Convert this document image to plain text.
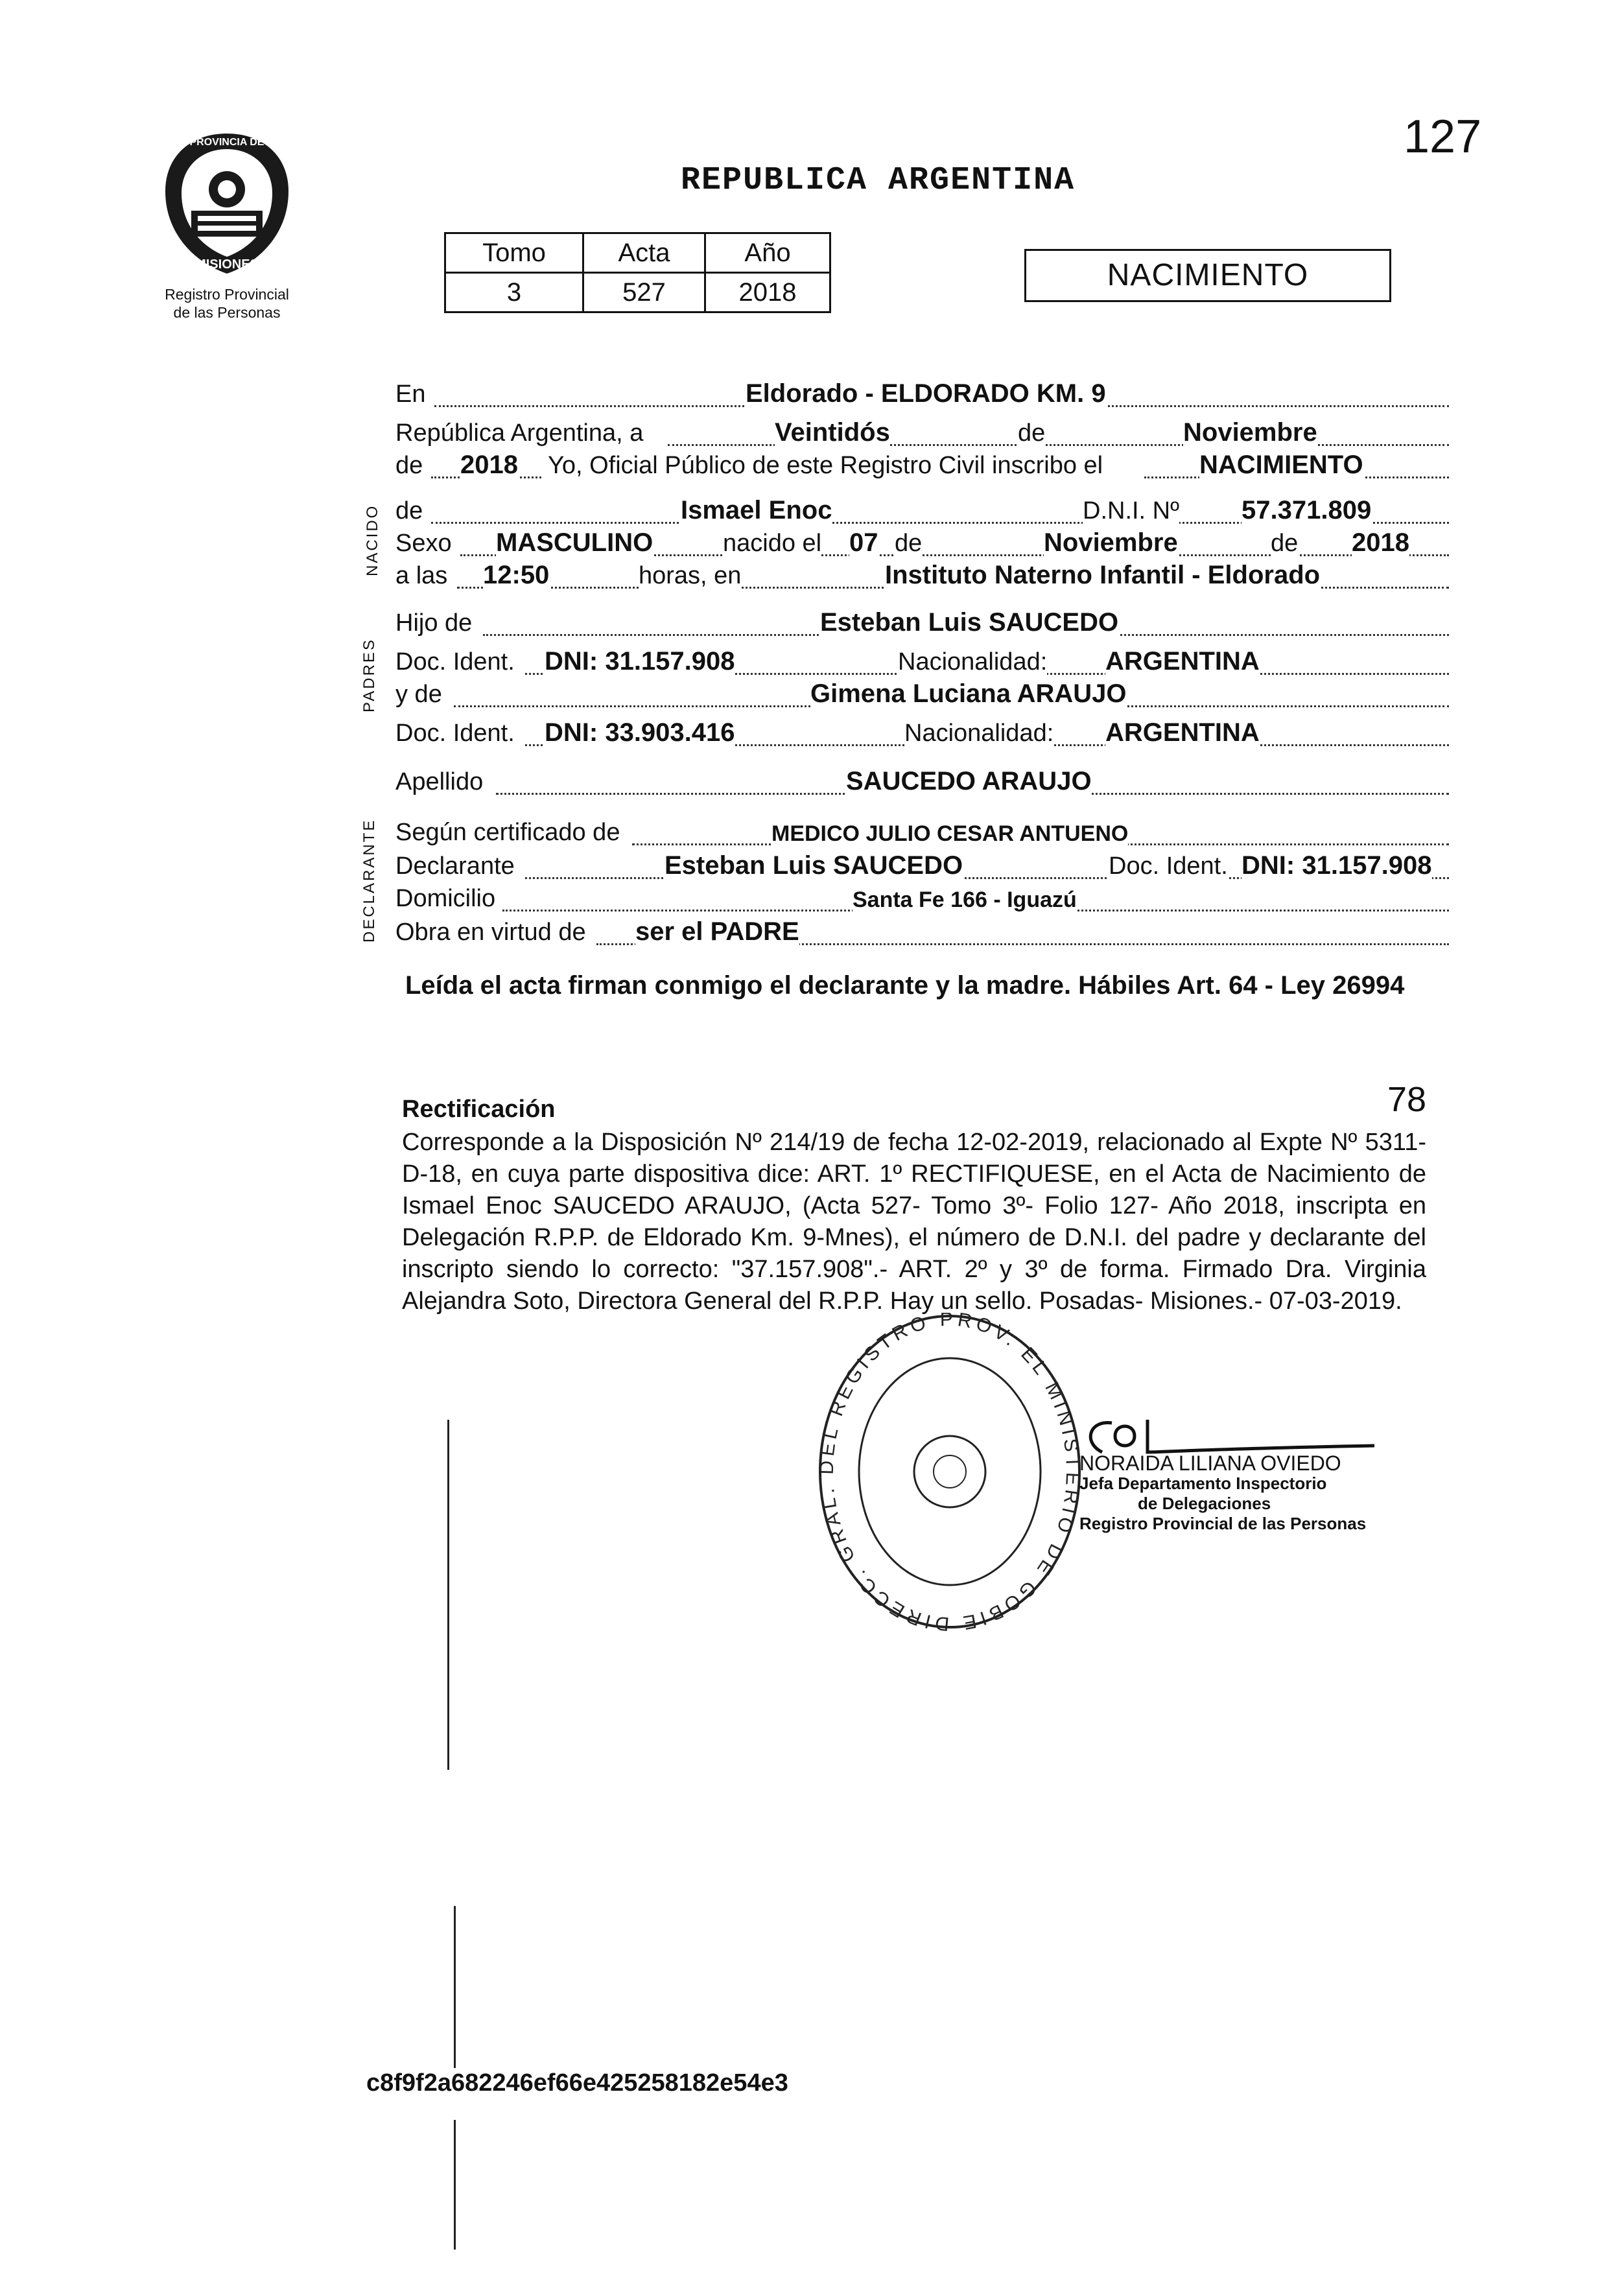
127
PROVINCIA DE
MISIONES
Registro Provincial
de las Personas
REPUBLICA ARGENTINA
Tomo	Acta	Año
3	527	2018	NACIMIENTO
NACIDO
PADRES
DECLARANTE
En	Eldorado - ELDORADO KM. 9
República Argentina, a	Veintidós	de	Noviembre
de 2018 Yo, Oficial Público de este Registro Civil inscribo el	NACIMIENTO
de	Ismael Enoc	D.N.I. Nº 57.371.809
Sexo MASCULINO	nacido el 07 de	Noviembre	de 2018
a las 12:50	horas, en	Instituto Naterno Infantil - Eldorado
Hijo de	Esteban Luis SAUCEDO
Doc. Ident. DNI: 31.157.908	Nacionalidad: ARGENTINA
y de	Gimena Luciana ARAUJO
Doc. Ident. DNI: 33.903.416	Nacionalidad: ARGENTINA
Apellido	SAUCEDO ARAUJO
Según certificado de	MEDICO JULIO CESAR ANTUENO
Declarante	Esteban Luis SAUCEDO	Doc. Ident. DNI: 31.157.908
Domicilio	Santa Fe 166 - Iguazú
Obra en virtud de ser el PADRE
Leída el acta firman conmigo el declarante y la madre. Hábiles Art. 64 - Ley 26994
78
Rectificación
Corresponde a la Disposición Nº 214/19 de fecha 12-02-2019, relacionado al Expte Nº 5311-D-18, en cuya parte dispositiva dice: ART. 1º RECTIFIQUESE, en el Acta de Nacimiento de Ismael Enoc SAUCEDO ARAUJO, (Acta 527- Tomo 3º- Folio 127- Año 2018, inscripta en Delegación R.P.P. de Eldorado Km. 9-Mnes), el número de D.N.I. del padre y declarante del inscripto siendo lo correcto: "37.157.908".- ART. 2º y 3º de forma. Firmado Dra. Virginia Alejandra Soto, Directora General del R.P.P. Hay un sello. Posadas- Misiones.- 07-03-2019.
DIRECC. GRAL. DEL REGISTRO PROV. EL MINISTERIO DE GOBIE
NORAIDA LILIANA OVIEDO
Jefa Departamento Inspectorio
de Delegaciones
Registro Provincial de las Personas
c8f9f2a682246ef66e425258182e54e3
